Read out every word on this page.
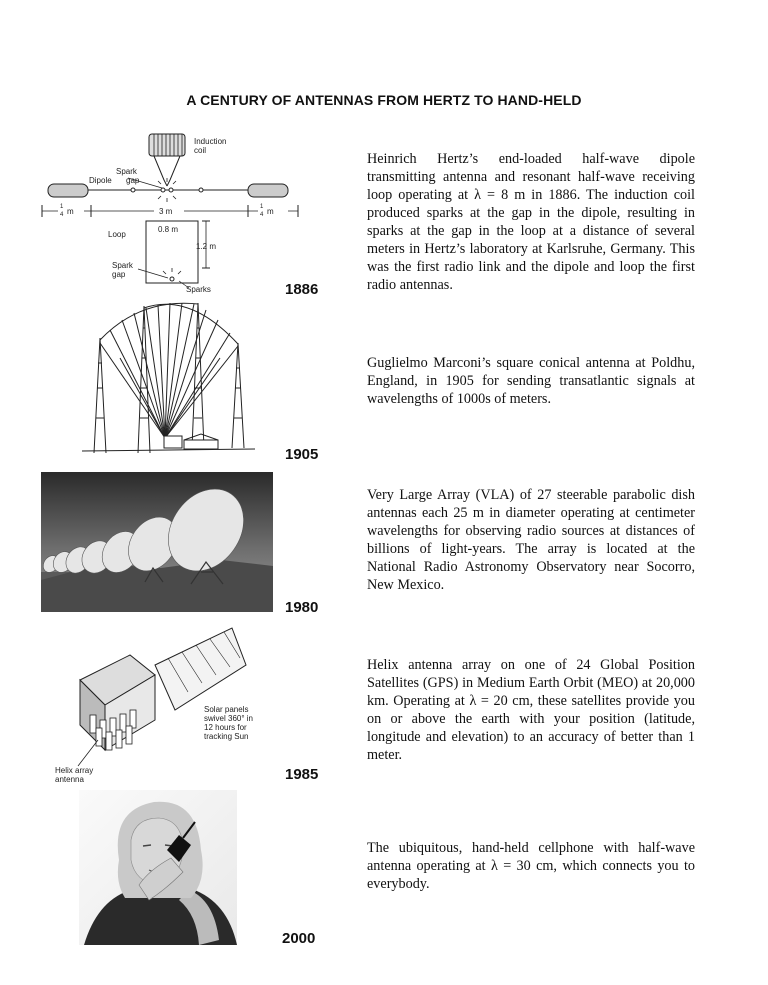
A CENTURY OF ANTENNAS FROM HERTZ TO HAND-HELD
Induction
coil
Spark
gap
Dipole
1
4 m	3 m	1
4 m
Loop
0.8 m
1.2 m
Spark
gap
Sparks	1886
Heinrich Hertz’s end-loaded half-wave dipole transmitting antenna and resonant half-wave receiving loop operating at λ = 8 m in 1886. The induction coil produced sparks at the gap in the dipole, resulting in sparks at the gap in the loop at a distance of several meters in Hertz’s laboratory at Karlsruhe, Germany. This was the first radio link and the dipole and loop the first radio antennas.
1905
Guglielmo Marconi’s square conical antenna at Poldhu, England, in 1905 for sending transatlantic signals at wavelengths of 1000s of meters.
1980
Very Large Array (VLA) of 27 steerable parabolic dish antennas each 25 m in diameter operating at centimeter wavelengths for observing radio sources at distances of billions of light-years. The array is located at the National Radio Astronomy Observatory near Socorro, New Mexico.
Solar panels swivel 360° in 12 hours for tracking Sun
Helix array
antenna	1985
Helix antenna array on one of 24 Global Position Satellites (GPS) in Medium Earth Orbit (MEO) at 20,000 km. Operating at λ = 20 cm, these satellites provide you on or above the earth with your position (latitude, longitude and elevation) to an accuracy of better than 1 meter.
2000
The ubiquitous, hand-held cellphone with half-wave antenna operating at λ = 30 cm, which connects you to everybody.
